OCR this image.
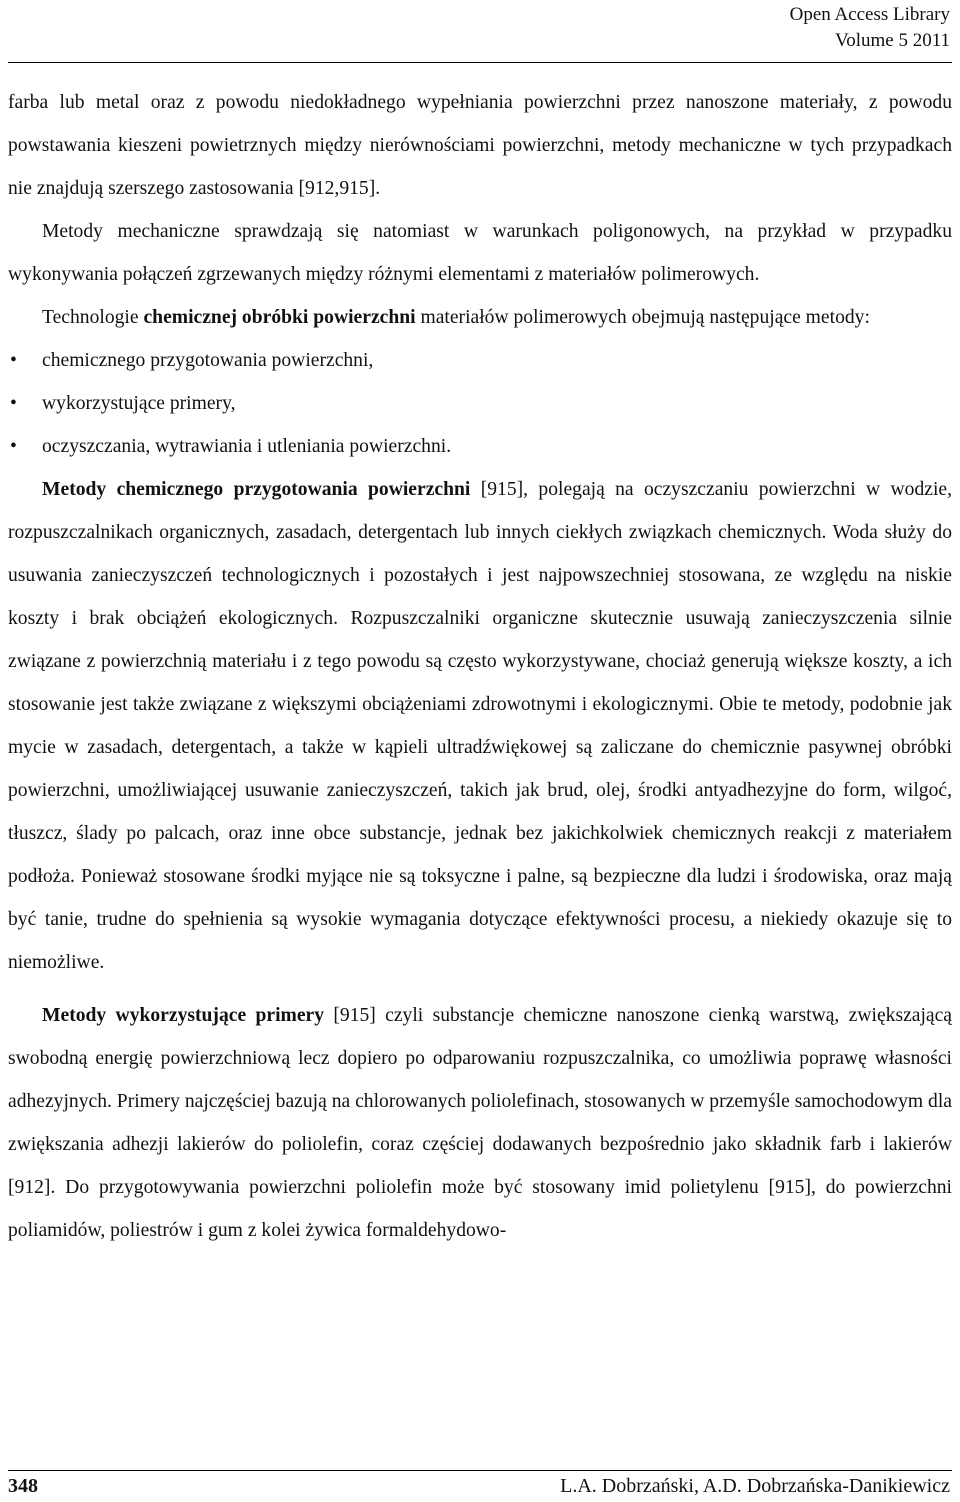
Open Access Library
Volume 5 2011

farba lub metal oraz z powodu niedokładnego wypełniania powierzchni przez nanoszone materiały, z powodu powstawania kieszeni powietrznych między nierównościami powierzchni, metody mechaniczne w tych przypadkach nie znajdują szerszego zastosowania [912,915].

Metody mechaniczne sprawdzają się natomiast w warunkach poligonowych, na przykład w przypadku wykonywania połączeń zgrzewanych między różnymi elementami z materiałów polimerowych.

Technologie chemicznej obróbki powierzchni materiałów polimerowych obejmują następujące metody:

• chemicznego przygotowania powierzchni,
• wykorzystujące primery,
• oczyszczania, wytrawiania i utleniania powierzchni.

Metody chemicznego przygotowania powierzchni [915], polegają na oczyszczaniu powierzchni w wodzie, rozpuszczalnikach organicznych, zasadach, detergentach lub innych ciekłych związkach chemicznych. Woda służy do usuwania zanieczyszczeń technologicznych i pozostałych i jest najpowszechniej stosowana, ze względu na niskie koszty i brak obciążeń ekologicznych. Rozpuszczalniki organiczne skutecznie usuwają zanieczyszczenia silnie związane z powierzchnią materiału i z tego powodu są często wykorzystywane, chociaż generują większe koszty, a ich stosowanie jest także związane z większymi obciążeniami zdrowotnymi i ekologicznymi. Obie te metody, podobnie jak mycie w zasadach, detergentach, a także w kąpieli ultradźwiękowej są zaliczane do chemicznie pasywnej obróbki powierzchni, umożliwiającej usuwanie zanieczyszczeń, takich jak brud, olej, środki antyadhezyjne do form, wilgoć, tłuszcz, ślady po palcach, oraz inne obce substancje, jednak bez jakichkolwiek chemicznych reakcji z materiałem podłoża. Ponieważ stosowane środki myjące nie są toksyczne i palne, są bezpieczne dla ludzi i środowiska, oraz mają być tanie, trudne do spełnienia są wysokie wymagania dotyczące efektywności procesu, a niekiedy okazuje się to niemożliwe.

Metody wykorzystujące primery [915] czyli substancje chemiczne nanoszone cienką warstwą, zwiększającą swobodną energię powierzchniową lecz dopiero po odparowaniu rozpuszczalnika, co umożliwia poprawę własności adhezyjnych. Primery najczęściej bazują na chlorowanych poliolefinach, stosowanych w przemyśle samochodowym dla zwiększania adhezji lakierów do poliolefin, coraz częściej dodawanych bezpośrednio jako składnik farb i lakierów [912]. Do przygotowywania powierzchni poliolefin może być stosowany imid polietylenu [915], do powierzchni poliamidów, poliestrów i gum z kolei żywica formaldehydowo-

348	L.A. Dobrzański, A.D. Dobrzańska-Danikiewicz
